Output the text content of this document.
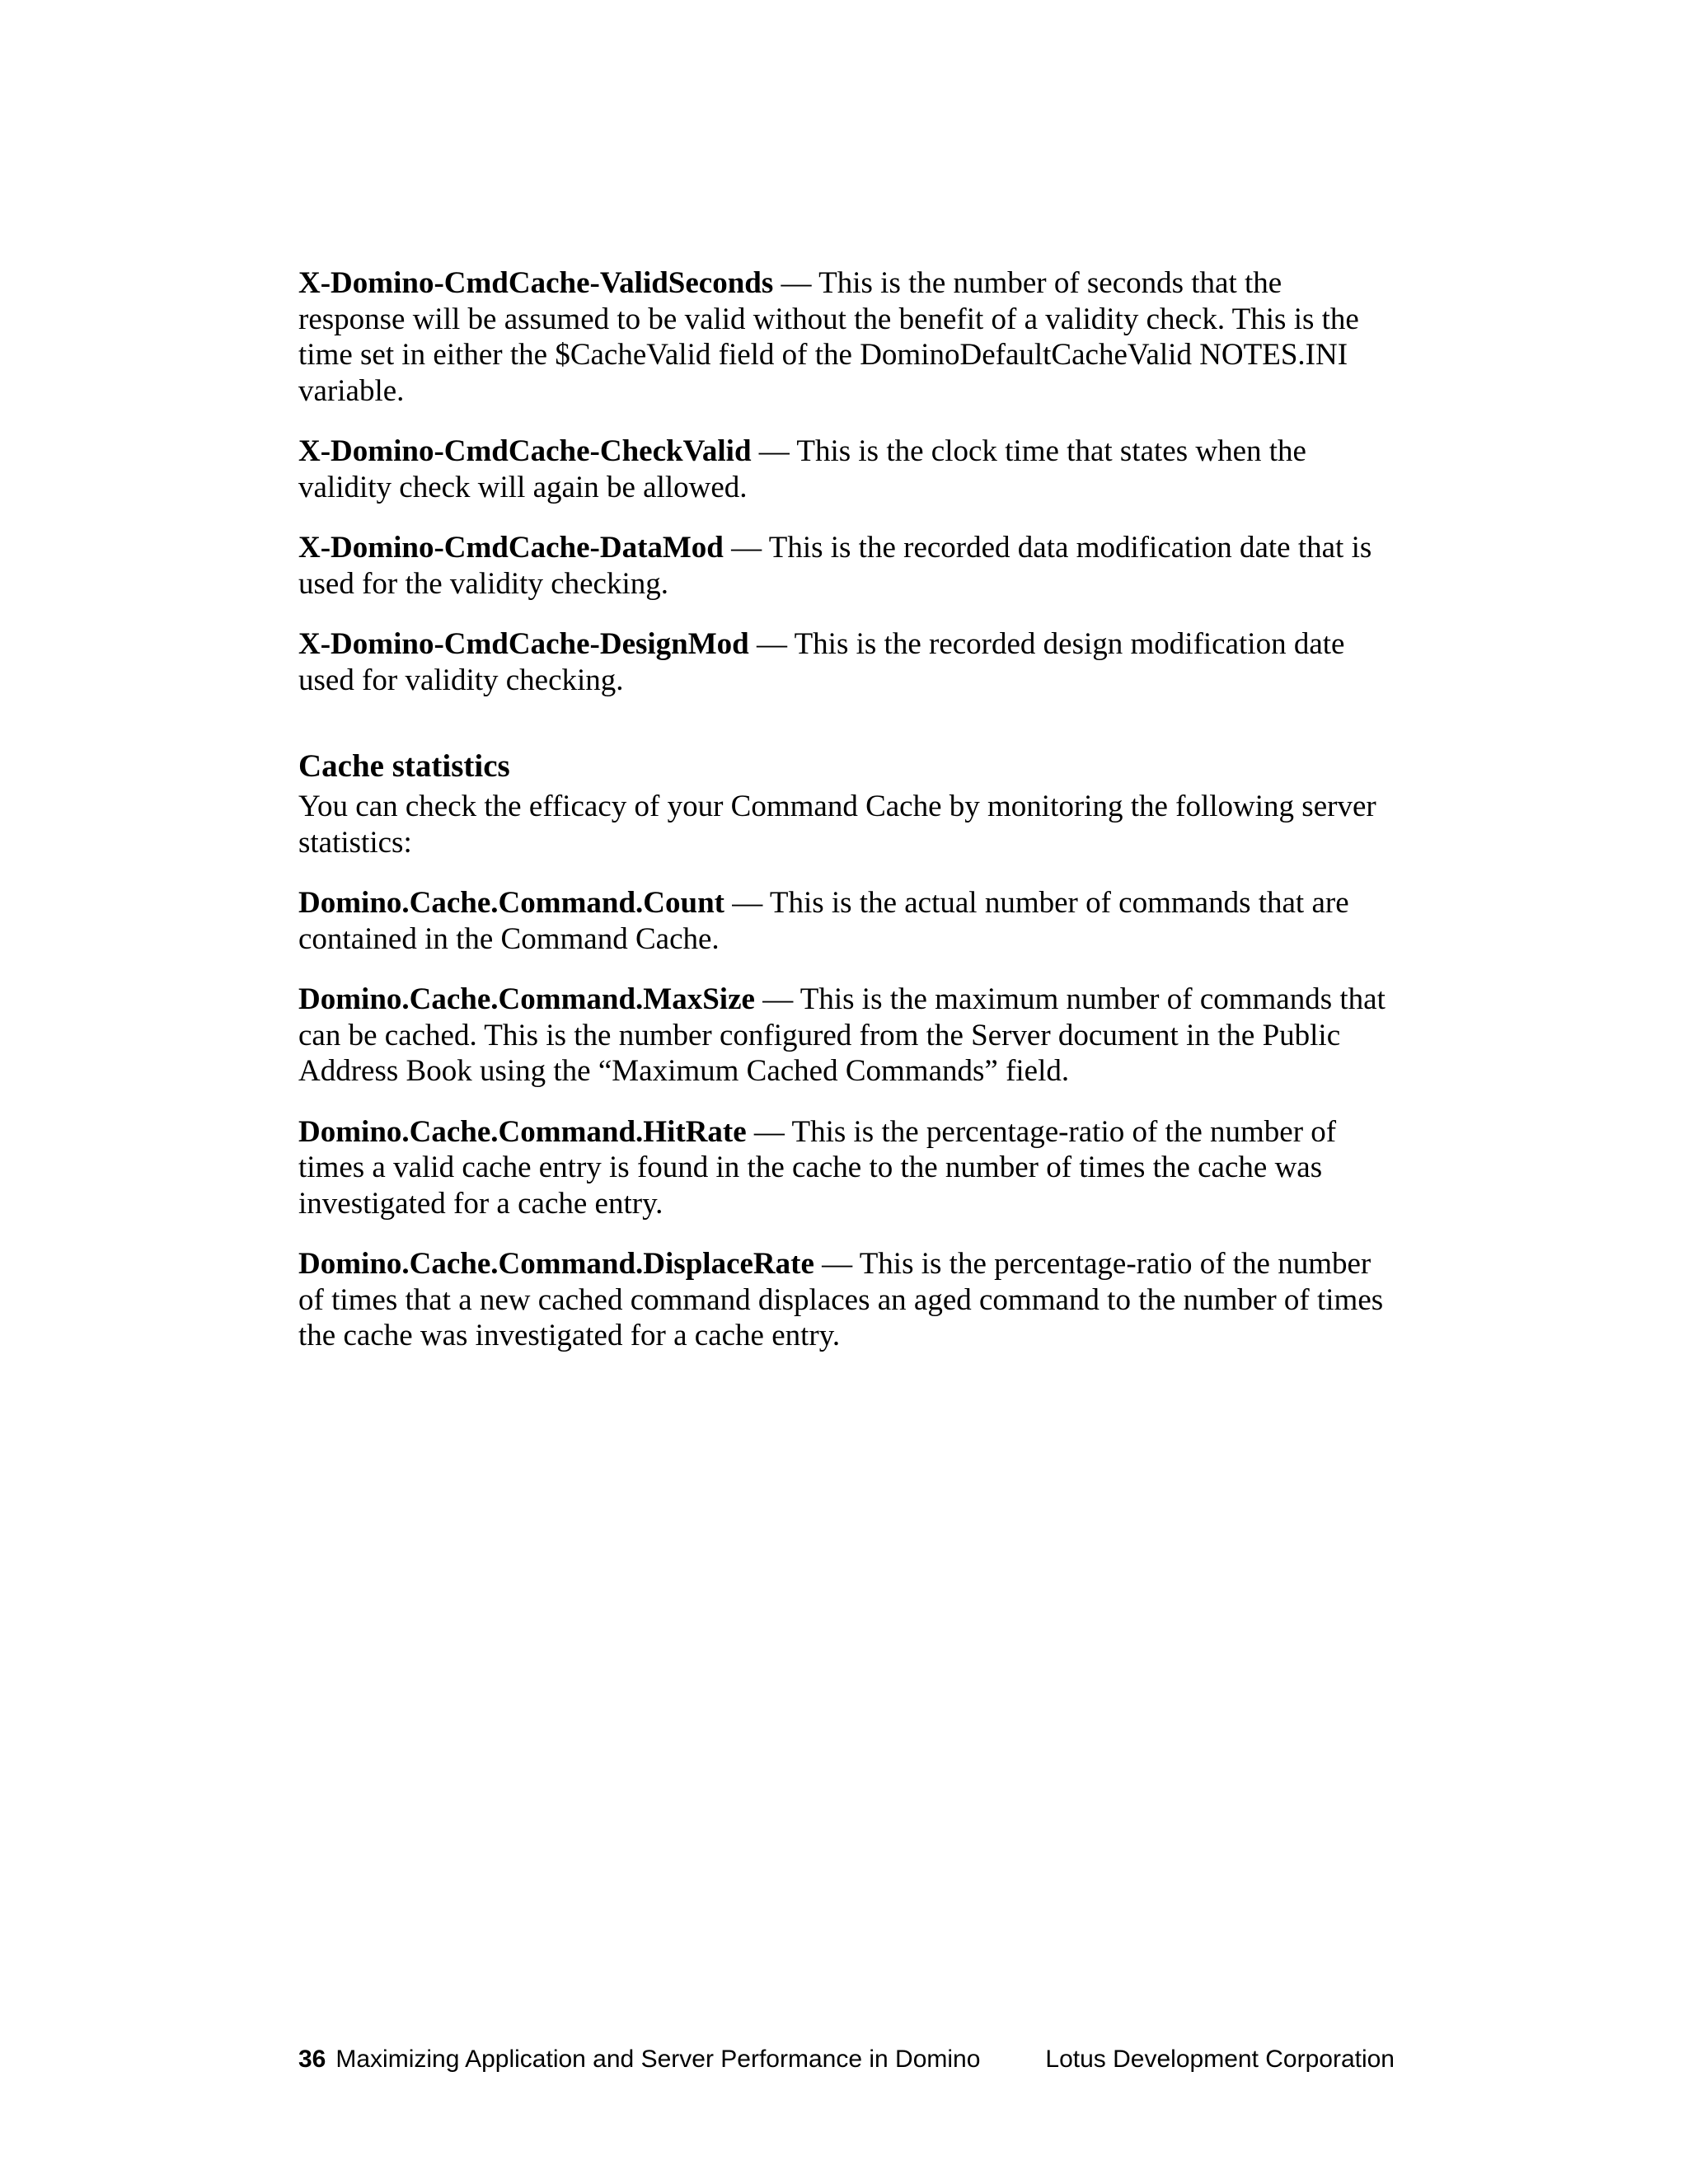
X-Domino-CmdCache-ValidSeconds — This is the number of seconds that the response will be assumed to be valid without the benefit of a validity check. This is the time set in either the $CacheValid field of the DominoDefaultCacheValid NOTES.INI variable.

X-Domino-CmdCache-CheckValid — This is the clock time that states when the validity check will again be allowed.

X-Domino-CmdCache-DataMod — This is the recorded data modification date that is used for the validity checking.

X-Domino-CmdCache-DesignMod — This is the recorded design modification date used for validity checking.

Cache statistics

You can check the efficacy of your Command Cache by monitoring the following server statistics:

Domino.Cache.Command.Count — This is the actual number of commands that are contained in the Command Cache.

Domino.Cache.Command.MaxSize — This is the maximum number of commands that can be cached. This is the number configured from the Server document in the Public Address Book using the “Maximum Cached Commands” field.

Domino.Cache.Command.HitRate — This is the percentage-ratio of the number of times a valid cache entry is found in the cache to the number of times the cache was investigated for a cache entry.

Domino.Cache.Command.DisplaceRate — This is the percentage-ratio of the number of times that a new cached command displaces an aged command to the number of times the cache was investigated for a cache entry.

36 Maximizing Application and Server Performance in Domino	Lotus Development Corporation
